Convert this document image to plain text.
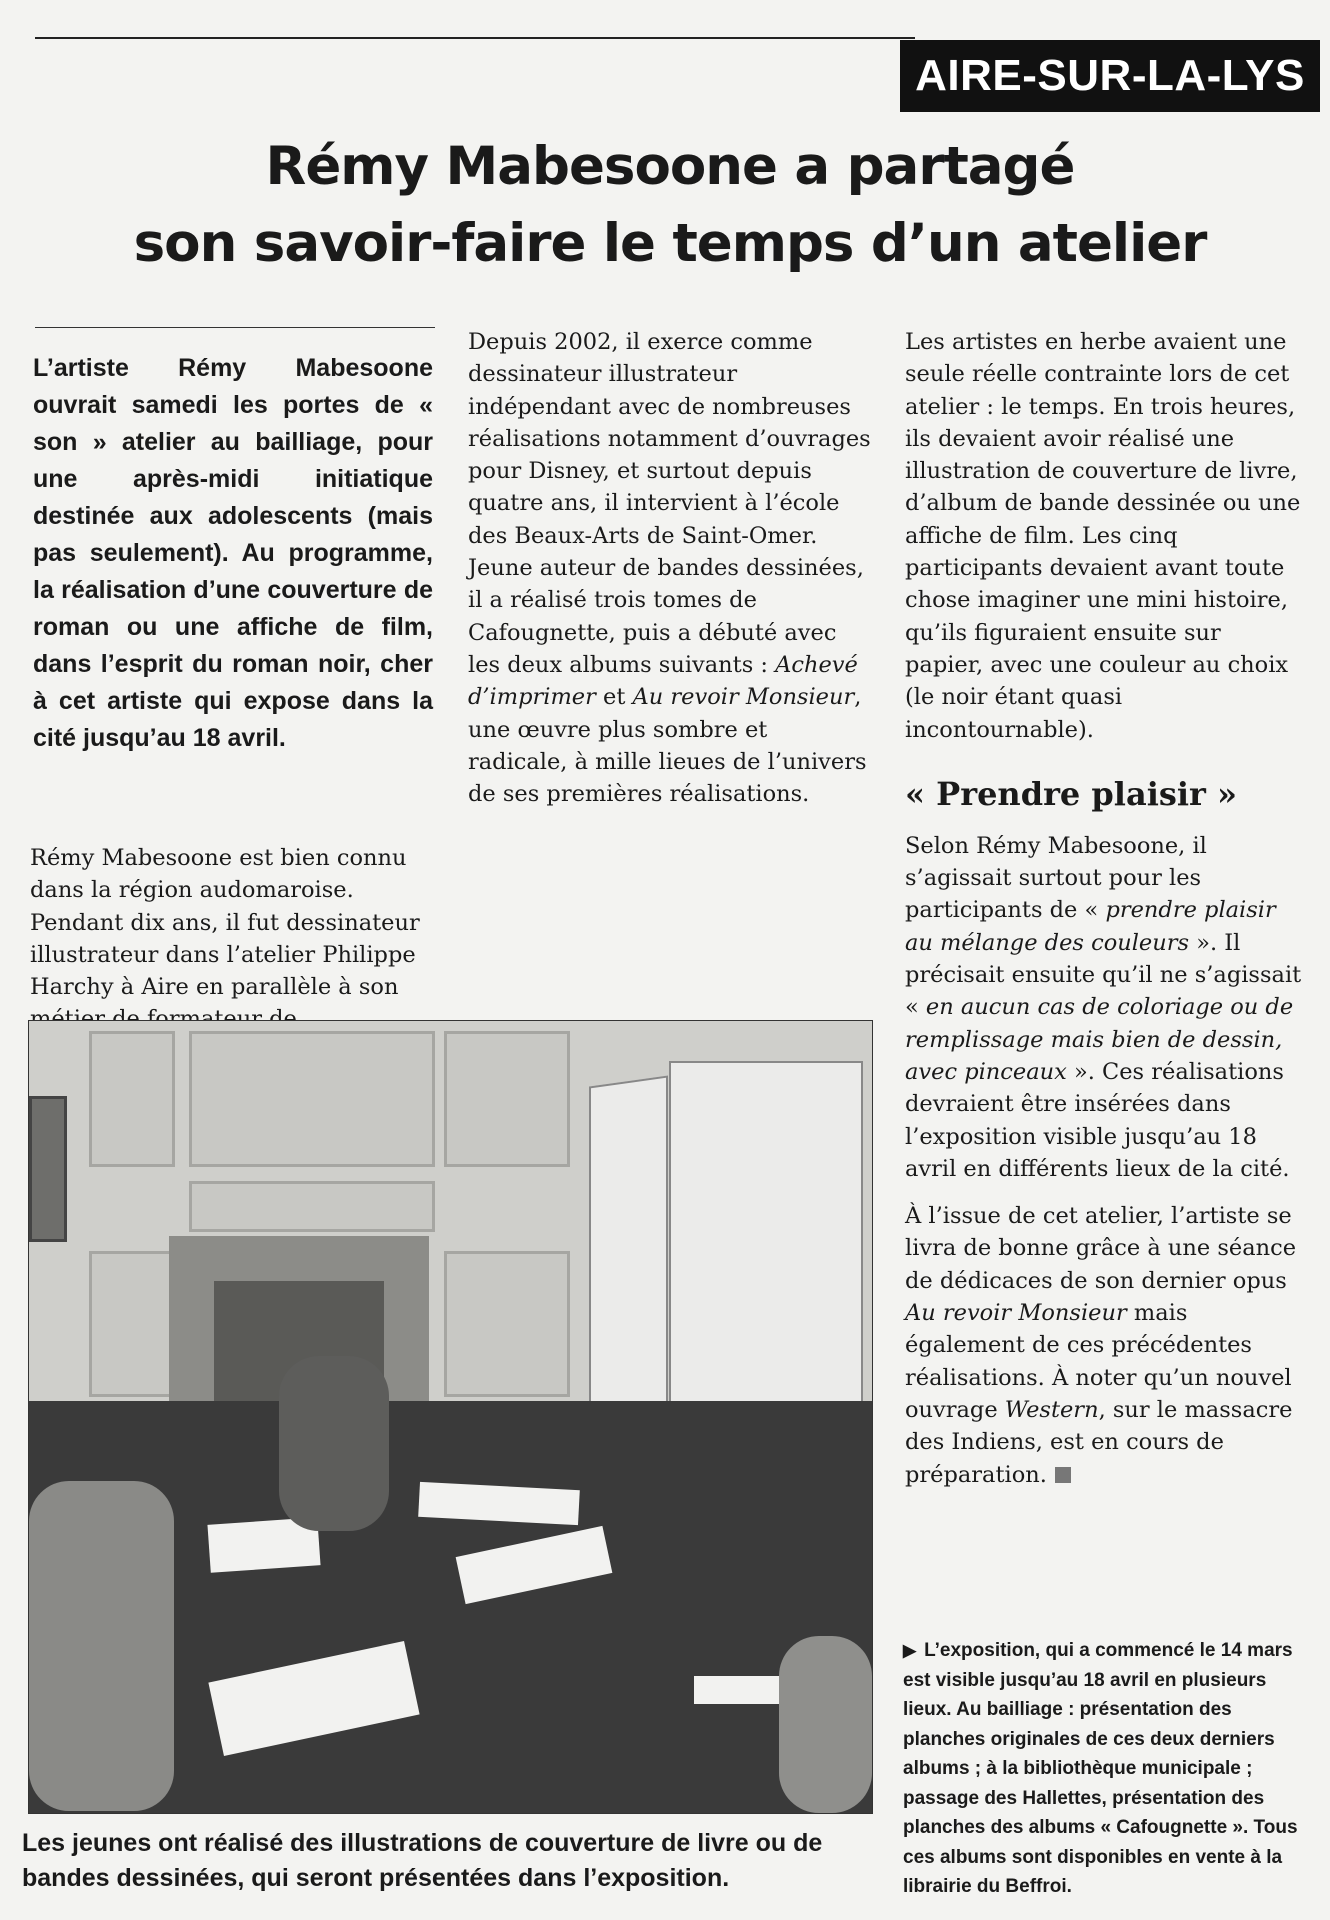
AIRE-SUR-LA-LYS
Rémy Mabesoone a partagé
son savoir-faire le temps d’un atelier

L’artiste Rémy Mabesoone ouvrait samedi les portes de « son » atelier au bailliage, pour une après-midi initiatique destinée aux adolescents (mais pas seulement). Au programme, la réalisation d’une couverture de roman ou une affiche de film, dans l’esprit du roman noir, cher à cet artiste qui expose dans la cité jusqu’au 18 avril.

Rémy Mabesoone est bien connu dans la région audomaroise. Pendant dix ans, il fut dessinateur illustrateur dans l’atelier Philippe Harchy à Aire en parallèle à son

Depuis 2002, il exerce comme dessinateur illustrateur indépendant avec de nombreuses réalisations notamment d’ouvrages pour Disney, et surtout depuis quatre ans, il intervient à l’école des Beaux-Arts de Saint-Omer. Jeune auteur de bandes dessinées, il a réalisé trois tomes de Cafougnette, puis a débuté avec les deux albums suivants : Achevé d’imprimer et Au revoir Monsieur, une œuvre plus sombre et radicale, à mille lieues de l’univers de ses premières réalisations.

Les artistes en herbe avaient une seule réelle contrainte lors de cet atelier : le temps. En trois heures, ils devaient avoir réalisé une illustration de couverture de livre, d’album de bande dessinée ou une affiche de film. Les cinq participants devaient avant toute chose imaginer une mini histoire, qu’ils figuraient ensuite sur papier, avec une couleur au choix (le noir étant quasi incontournable).

« Prendre plaisir »

Selon Rémy Mabesoone, il s’agissait surtout pour les participants de « prendre plaisir au mélange des couleurs ». Il précisait ensuite qu’il ne s’agissait « en aucun cas de coloriage ou de remplissage mais bien de dessin, avec pinceaux ». Ces réalisations devraient être insérées dans l’exposition visible jusqu’au 18 avril en différents lieux de la cité.

À l’issue de cet atelier, l’artiste se livra de bonne grâce à une séance de dédicaces de son dernier opus Au revoir Monsieur mais également de ces précédentes réalisations. À noter qu’un nouvel ouvrage Western, sur le massacre des Indiens, est en cours de préparation.

▶ L’exposition, qui a commencé le 14 mars est visible jusqu’au 18 avril en plusieurs lieux. Au bailliage : présentation des planches originales de ces deux derniers albums ; à la bibliothèque municipale ; passage des Hallettes, présentation des planches des albums « Cafougnette ». Tous ces albums sont disponibles en vente à la librairie du Beffroi.

Les jeunes ont réalisé des illustrations de couverture de livre ou de bandes dessinées, qui seront présentées dans l’exposition.
